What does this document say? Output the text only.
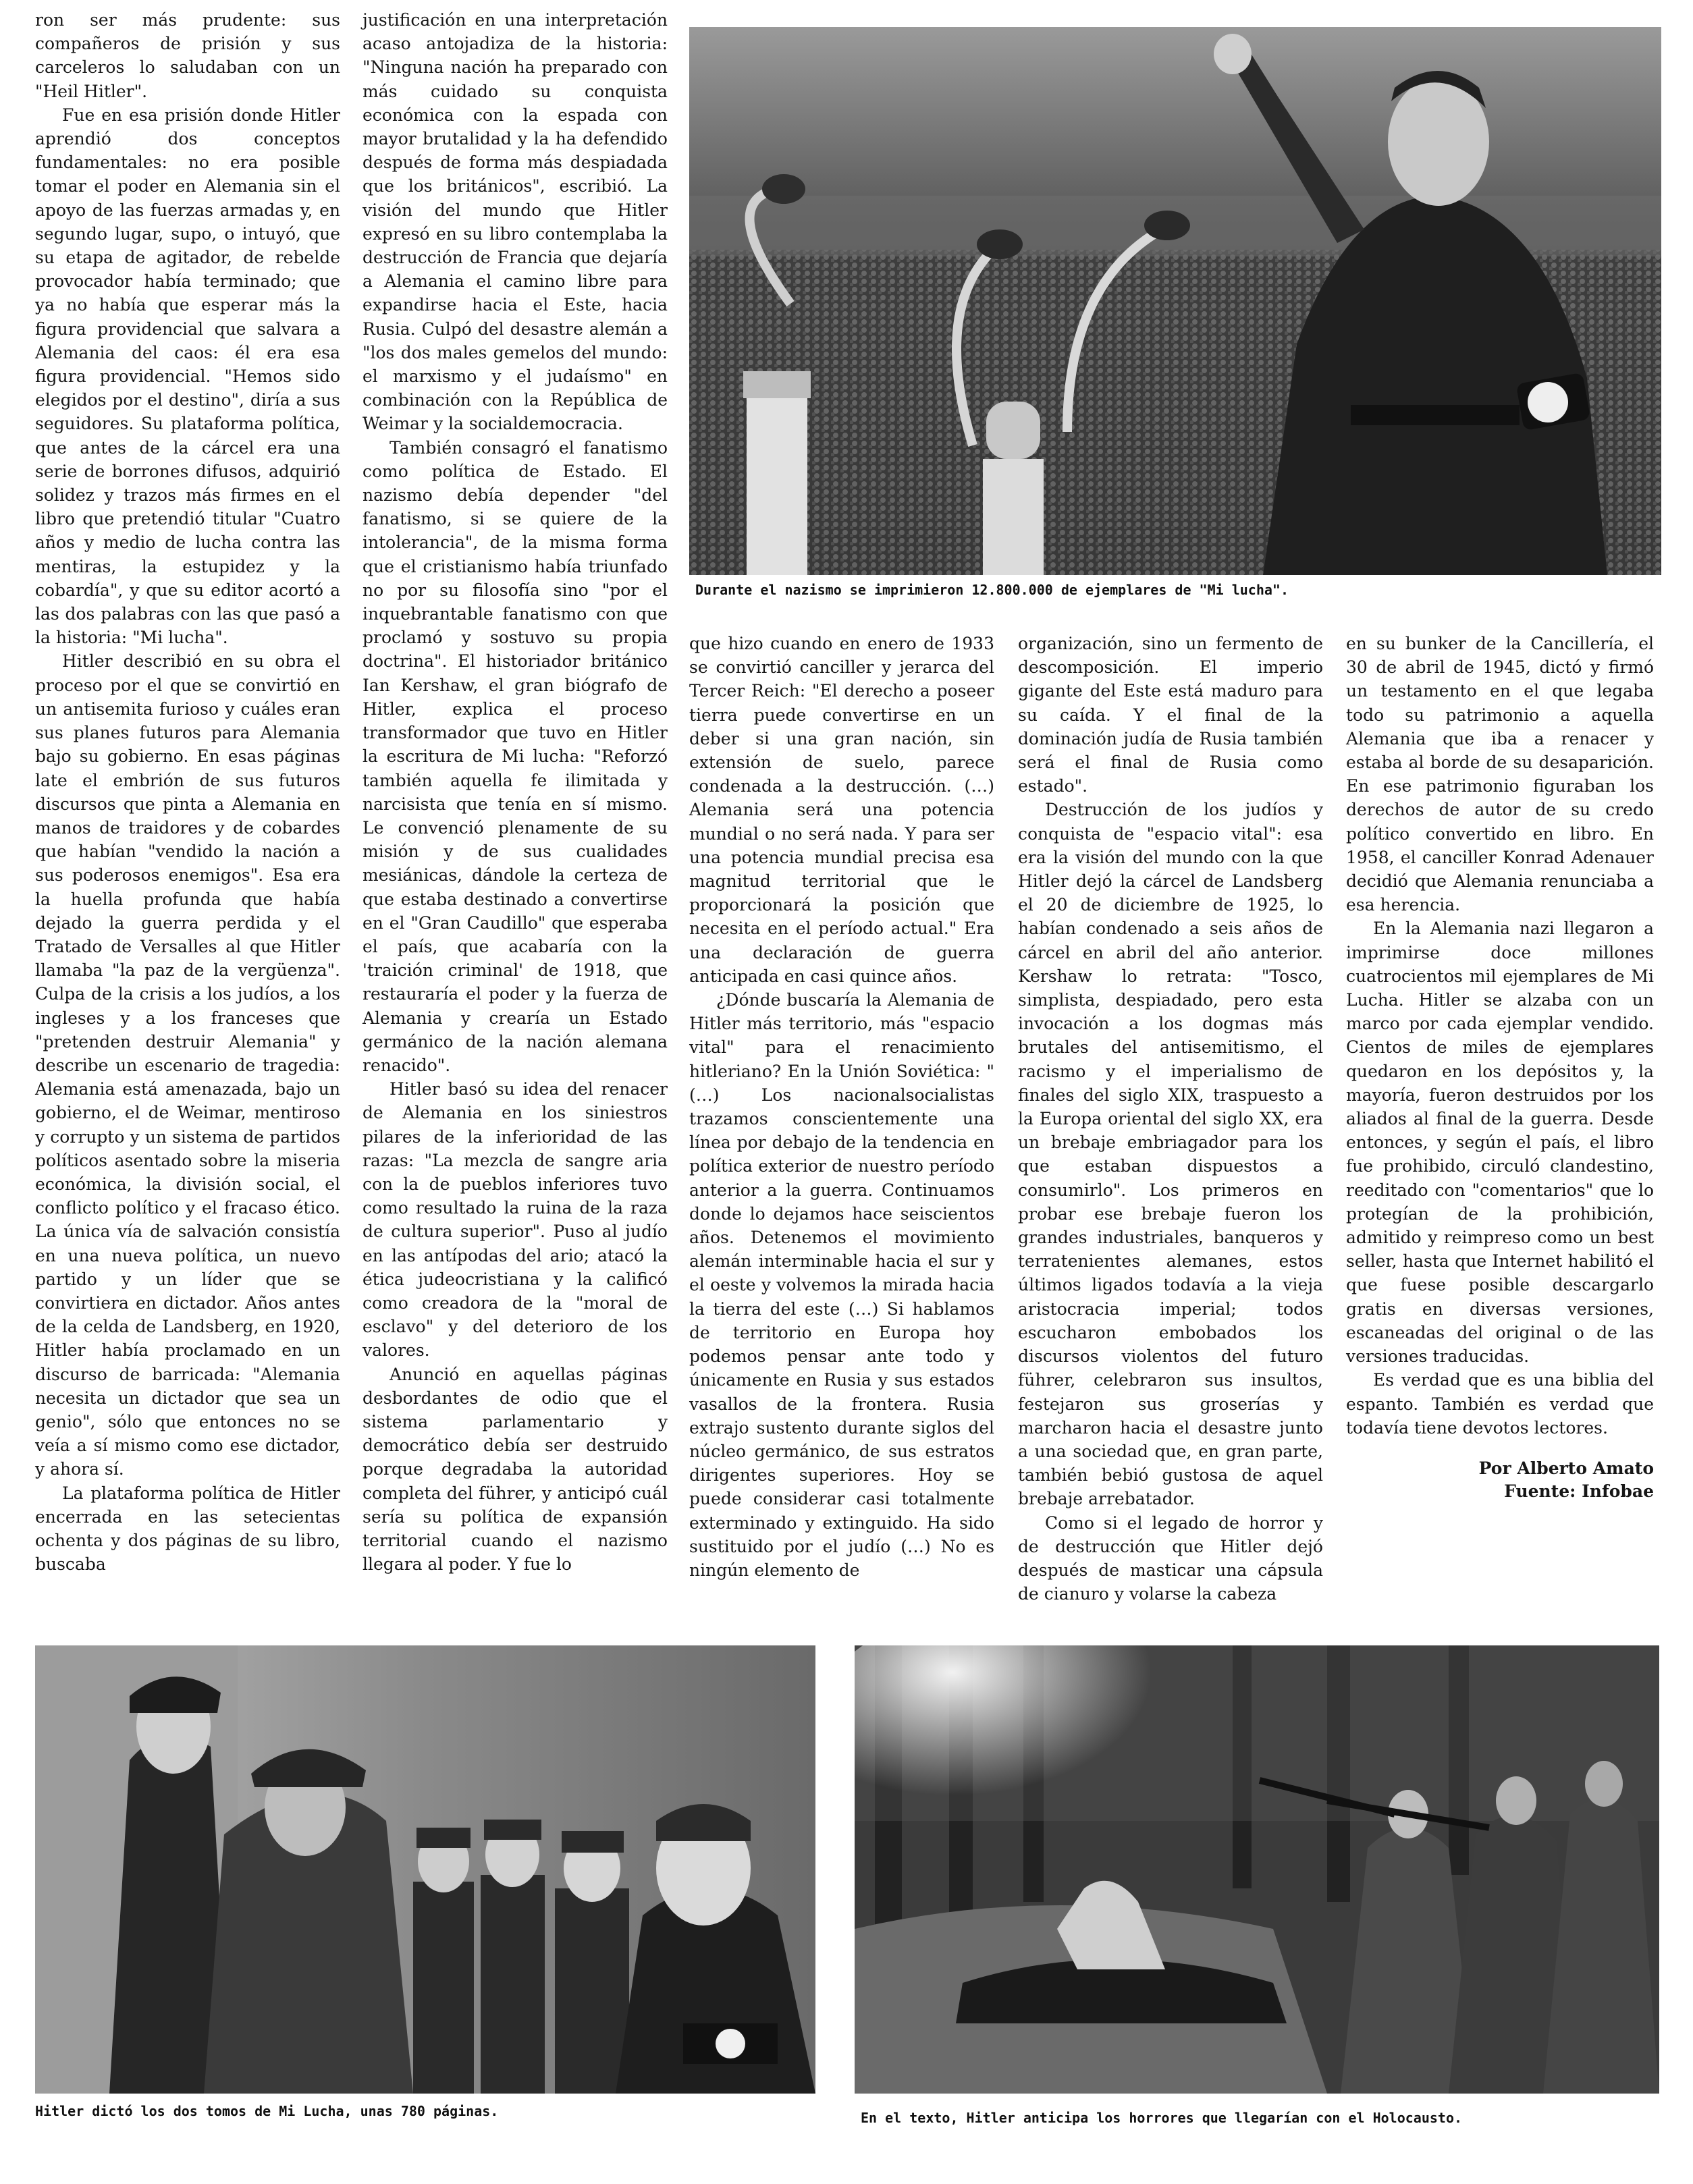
ron ser más prudente: sus compañeros de prisión y sus carceleros lo saludaban con un "Heil Hitler".

Fue en esa prisión donde Hitler aprendió dos conceptos fundamentales: no era posible tomar el poder en Alemania sin el apoyo de las fuerzas armadas y, en segundo lugar, supo, o intuyó, que su etapa de agitador, de rebelde provocador había terminado; que ya no había que esperar más la figura providencial que salvara a Alemania del caos: él era esa figura providencial. "Hemos sido elegidos por el destino", diría a sus seguidores. Su plataforma política, que antes de la cárcel era una serie de borrones difusos, adquirió solidez y trazos más firmes en el libro que pretendió titular "Cuatro años y medio de lucha contra las mentiras, la estupidez y la cobardía", y que su editor acortó a las dos palabras con las que pasó a la historia: "Mi lucha".

Hitler describió en su obra el proceso por el que se convirtió en un antisemita furioso y cuáles eran sus planes futuros para Alemania bajo su gobierno. En esas páginas late el embrión de sus futuros discursos que pinta a Alemania en manos de traidores y de cobardes que habían "vendido la nación a sus poderosos enemigos". Esa era la huella profunda que había dejado la guerra perdida y el Tratado de Versalles al que Hitler llamaba "la paz de la vergüenza". Culpa de la crisis a los judíos, a los ingleses y a los franceses que "pretenden destruir Alemania" y describe un escenario de tragedia: Alemania está amenazada, bajo un gobierno, el de Weimar, mentiroso y corrupto y un sistema de partidos políticos asentado sobre la miseria económica, la división social, el conflicto político y el fracaso ético. La única vía de salvación consistía en una nueva política, un nuevo partido y un líder que se convirtiera en dictador. Años antes de la celda de Landsberg, en 1920, Hitler había proclamado en un discurso de barricada: "Alemania necesita un dictador que sea un genio", sólo que entonces no se veía a sí mismo como ese dictador, y ahora sí.

La plataforma política de Hitler encerrada en las setecientas ochenta y dos páginas de su libro, buscaba

justificación en una interpretación acaso antojadiza de la historia: "Ninguna nación ha preparado con más cuidado su conquista económica con la espada con mayor brutalidad y la ha defendido después de forma más despiadada que los británicos", escribió. La visión del mundo que Hitler expresó en su libro contemplaba la destrucción de Francia que dejaría a Alemania el camino libre para expandirse hacia el Este, hacia Rusia. Culpó del desastre alemán a "los dos males gemelos del mundo: el marxismo y el judaísmo" en combinación con la República de Weimar y la socialdemocracia.

También consagró el fanatismo como política de Estado. El nazismo debía depender "del fanatismo, si se quiere de la intolerancia", de la misma forma que el cristianismo había triunfado no por su filosofía sino "por el inquebrantable fanatismo con que proclamó y sostuvo su propia doctrina". El historiador británico Ian Kershaw, el gran biógrafo de Hitler, explica el proceso transformador que tuvo en Hitler la escritura de Mi lucha: "Reforzó también aquella fe ilimitada y narcisista que tenía en sí mismo. Le convenció plenamente de su misión y de sus cualidades mesiánicas, dándole la certeza de que estaba destinado a convertirse en el "Gran Caudillo" que esperaba el país, que acabaría con la 'traición criminal' de 1918, que restauraría el poder y la fuerza de Alemania y crearía un Estado germánico de la nación alemana renacido".

Hitler basó su idea del renacer de Alemania en los siniestros pilares de la inferioridad de las razas: "La mezcla de sangre aria con la de pueblos inferiores tuvo como resultado la ruina de la raza de cultura superior". Puso al judío en las antípodas del ario; atacó la ética judeocristiana y la calificó como creadora de la "moral de esclavo" y del deterioro de los valores.

Anunció en aquellas páginas desbordantes de odio que el sistema parlamentario y democrático debía ser destruido porque degradaba la autoridad completa del führer, y anticipó cuál sería su política de expansión territorial cuando el nazismo llegara al poder. Y fue lo

Durante el nazismo se imprimieron 12.800.000 de ejemplares de "Mi lucha".

que hizo cuando en enero de 1933 se convirtió canciller y jerarca del Tercer Reich: "El derecho a poseer tierra puede convertirse en un deber si una gran nación, sin extensión de suelo, parece condenada a la destrucción. (…) Alemania será una potencia mundial o no será nada. Y para ser una potencia mundial precisa esa magnitud territorial que le proporcionará la posición que necesita en el período actual." Era una declaración de guerra anticipada en casi quince años.

¿Dónde buscaría la Alemania de Hitler más territorio, más "espacio vital" para el renacimiento hitleriano? En la Unión Soviética: "(…) Los nacionalsocialistas trazamos conscientemente una línea por debajo de la tendencia en política exterior de nuestro período anterior a la guerra. Continuamos donde lo dejamos hace seiscientos años. Detenemos el movimiento alemán interminable hacia el sur y el oeste y volvemos la mirada hacia la tierra del este (…) Si hablamos de territorio en Europa hoy podemos pensar ante todo y únicamente en Rusia y sus estados vasallos de la frontera. Rusia extrajo sustento durante siglos del núcleo germánico, de sus estratos dirigentes superiores. Hoy se puede considerar casi totalmente exterminado y extinguido. Ha sido sustituido por el judío (…) No es ningún elemento de

organización, sino un fermento de descomposición. El imperio gigante del Este está maduro para su caída. Y el final de la dominación judía de Rusia también será el final de Rusia como estado".

Destrucción de los judíos y conquista de "espacio vital": esa era la visión del mundo con la que Hitler dejó la cárcel de Landsberg el 20 de diciembre de 1925, lo habían condenado a seis años de cárcel en abril del año anterior. Kershaw lo retrata: "Tosco, simplista, despiadado, pero esta invocación a los dogmas más brutales del antisemitismo, el racismo y el imperialismo de finales del siglo XIX, traspuesto a la Europa oriental del siglo XX, era un brebaje embriagador para los que estaban dispuestos a consumirlo". Los primeros en probar ese brebaje fueron los grandes industriales, banqueros y terratenientes alemanes, estos últimos ligados todavía a la vieja aristocracia imperial; todos escucharon embobados los discursos violentos del futuro führer, celebraron sus insultos, festejaron sus groserías y marcharon hacia el desastre junto a una sociedad que, en gran parte, también bebió gustosa de aquel brebaje arrebatador.

Como si el legado de horror y de destrucción que Hitler dejó después de masticar una cápsula de cianuro y volarse la cabeza

en su bunker de la Cancillería, el 30 de abril de 1945, dictó y firmó un testamento en el que legaba todo su patrimonio a aquella Alemania que iba a renacer y estaba al borde de su desaparición. En ese patrimonio figuraban los derechos de autor de su credo político convertido en libro. En 1958, el canciller Konrad Adenauer decidió que Alemania renunciaba a esa herencia.

En la Alemania nazi llegaron a imprimirse doce millones cuatrocientos mil ejemplares de Mi Lucha. Hitler se alzaba con un marco por cada ejemplar vendido. Cientos de miles de ejemplares quedaron en los depósitos y, la mayoría, fueron destruidos por los aliados al final de la guerra. Desde entonces, y según el país, el libro fue prohibido, circuló clandestino, reeditado con "comentarios" que lo protegían de la prohibición, admitido y reimpreso como un best seller, hasta que Internet habilitó el que fuese posible descargarlo gratis en diversas versiones, escaneadas del original o de las versiones traducidas.

Es verdad que es una biblia del espanto. También es verdad que todavía tiene devotos lectores.

Por Alberto Amato
Fuente: Infobae
Hitler dictó los dos tomos de Mi Lucha, unas 780 páginas.	En el texto, Hitler anticipa los horrores que llegarían con el Holocausto.
